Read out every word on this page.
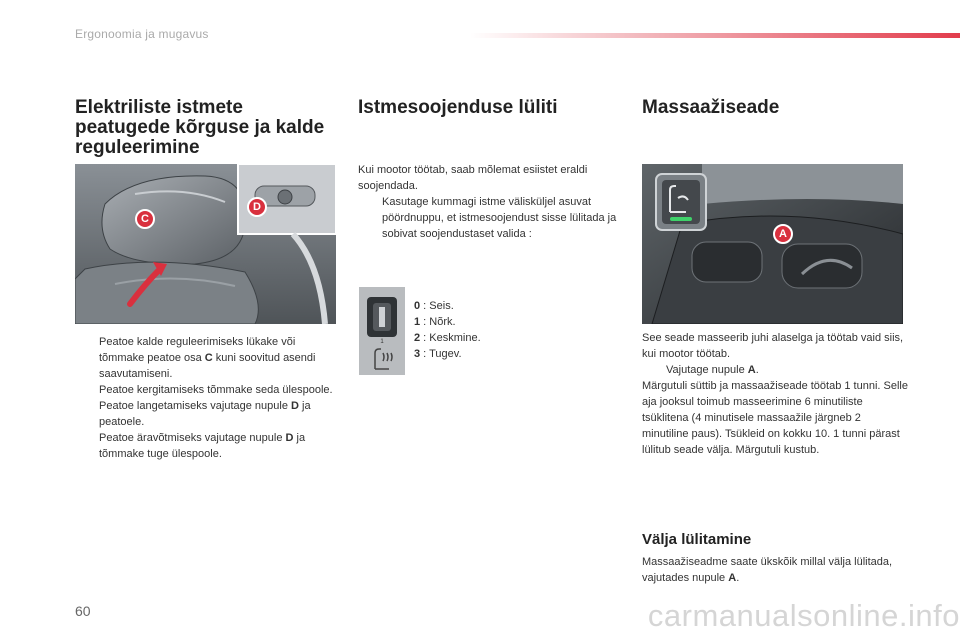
Ergonoomia ja mugavus
Elektriliste istmete
peatugede kõrguse ja kalde
reguleerimine
C
D
Peatoe kalde reguleerimiseks lükake või tõmmake peatoe osa C kuni soovitud asendi saavutamiseni.
Peatoe kergitamiseks tõmmake seda ülespoole.
Peatoe langetamiseks vajutage nupule D ja peatoele.
Peatoe äravõtmiseks vajutage nupule D ja tõmmake tuge ülespoole.
Istmesoojenduse lüliti
Kui mootor töötab, saab mõlemat esiistet eraldi soojendada.
Kasutage kummagi istme välisküljel asuvat pöördnuppu, et istmesoojendust sisse lülitada ja sobivat soojendustaset valida :
1
0 : Seis.
1 : Nõrk.
2 : Keskmine.
3 : Tugev.
Massaažiseade
A
See seade masseerib juhi alaselga ja töötab vaid siis, kui mootor töötab.
Vajutage nupule A.
Märgutuli süttib ja massaažiseade töötab 1 tunni. Selle aja jooksul toimub masseerimine 6 minutiliste tsüklitena (4 minutisele massaažile järgneb 2 minutiline paus). Tsükleid on kokku 10. 1 tunni pärast lülitub seade välja. Märgutuli kustub.
Välja lülitamine
Massaažiseadme saate ükskõik millal välja lülitada, vajutades nupule A.
60	carmanualsonline.info
